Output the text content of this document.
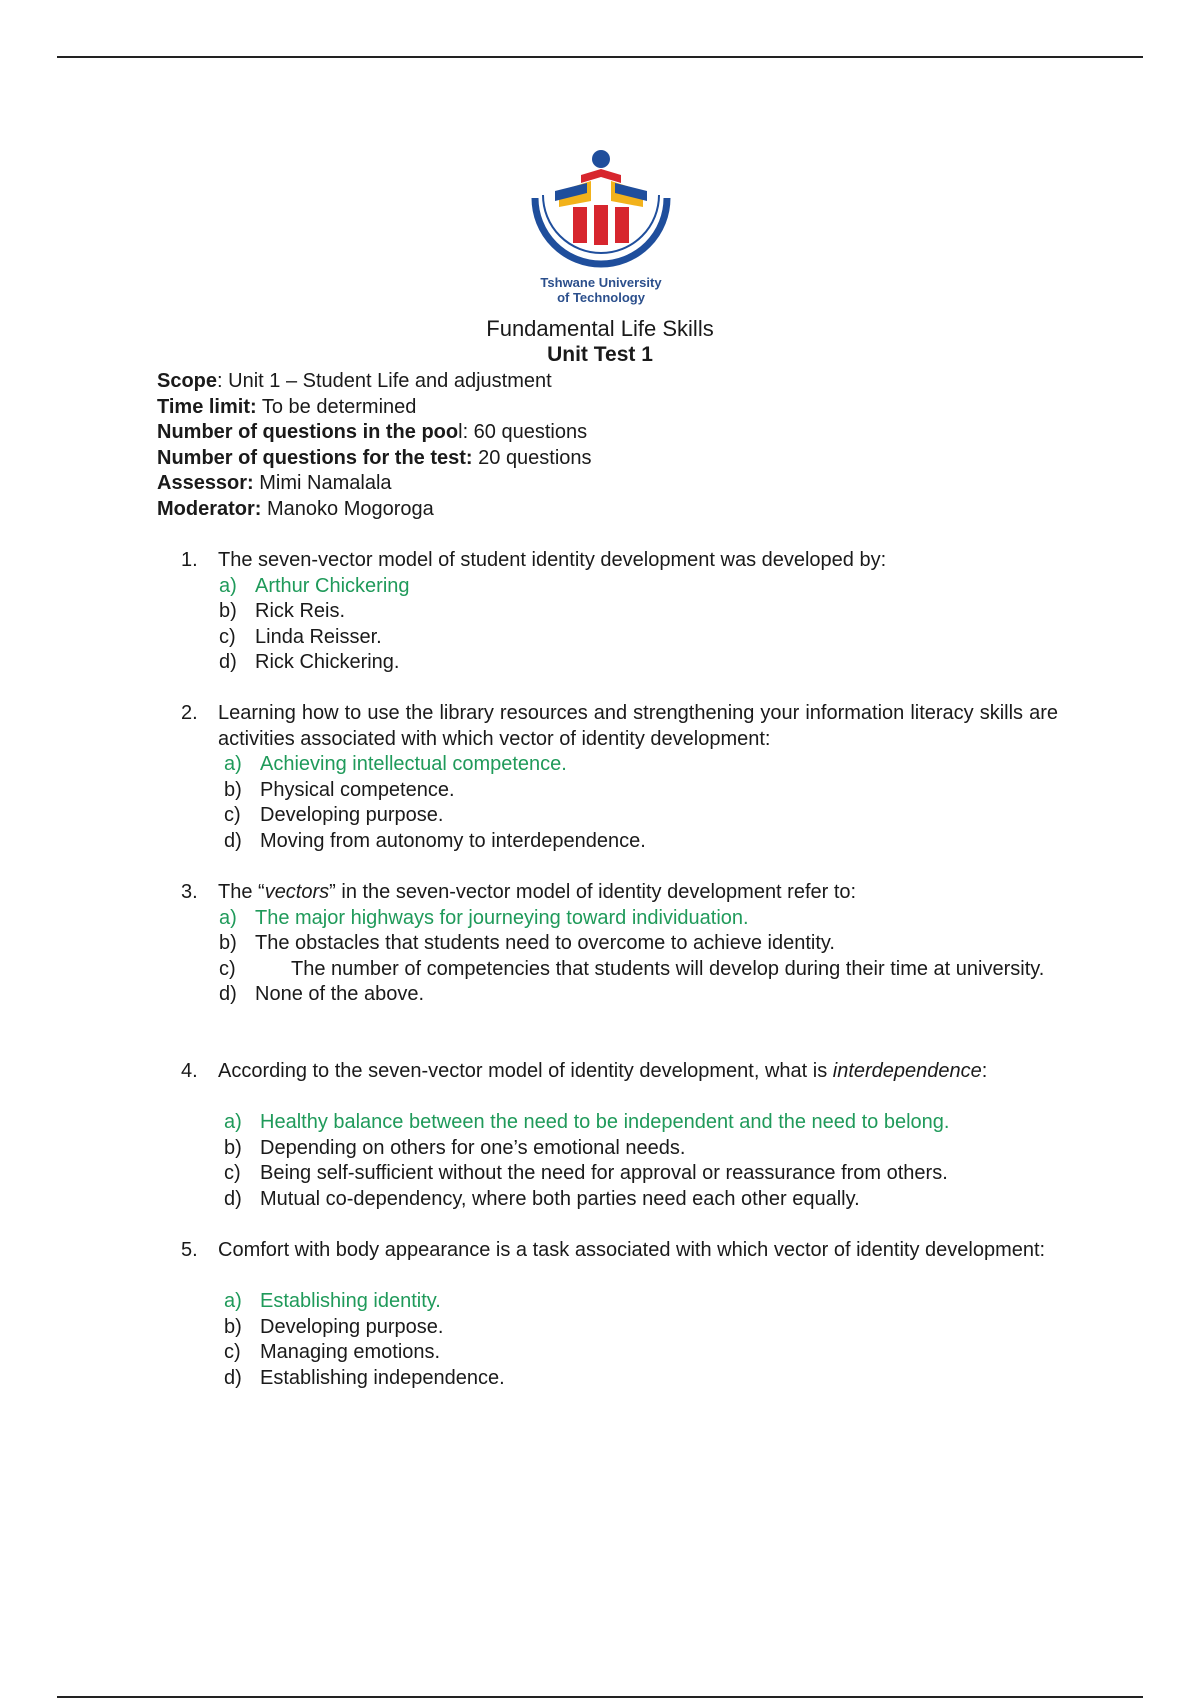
Tshwane University
of Technology
Fundamental Life Skills
Unit Test 1
Scope: Unit 1 – Student Life and adjustment
Time limit: To be determined
Number of questions in the pool: 60 questions
Number of questions for the test: 20 questions
Assessor: Mimi Namalala
Moderator: Manoko Mogoroga
1. The seven-vector model of student identity development was developed by:
a) Arthur Chickering
b) Rick Reis.
c) Linda Reisser.
d) Rick Chickering.
2. Learning how to use the library resources and strengthening your information literacy skills are activities associated with which vector of identity development:
a) Achieving intellectual competence.
b) Physical competence.
c) Developing purpose.
d) Moving from autonomy to interdependence.
3. The “vectors” in the seven-vector model of identity development refer to:
a) The major highways for journeying toward individuation.
b) The obstacles that students need to overcome to achieve identity.
c)	The number of competencies that students will develop during their time at university.
d) None of the above.
4. According to the seven-vector model of identity development, what is interdependence:
a) Healthy balance between the need to be independent and the need to belong.
b) Depending on others for one’s emotional needs.
c) Being self-sufficient without the need for approval or reassurance from others.
d) Mutual co-dependency, where both parties need each other equally.
5. Comfort with body appearance is a task associated with which vector of identity development:
a) Establishing identity.
b) Developing purpose.
c) Managing emotions.
d) Establishing independence.
